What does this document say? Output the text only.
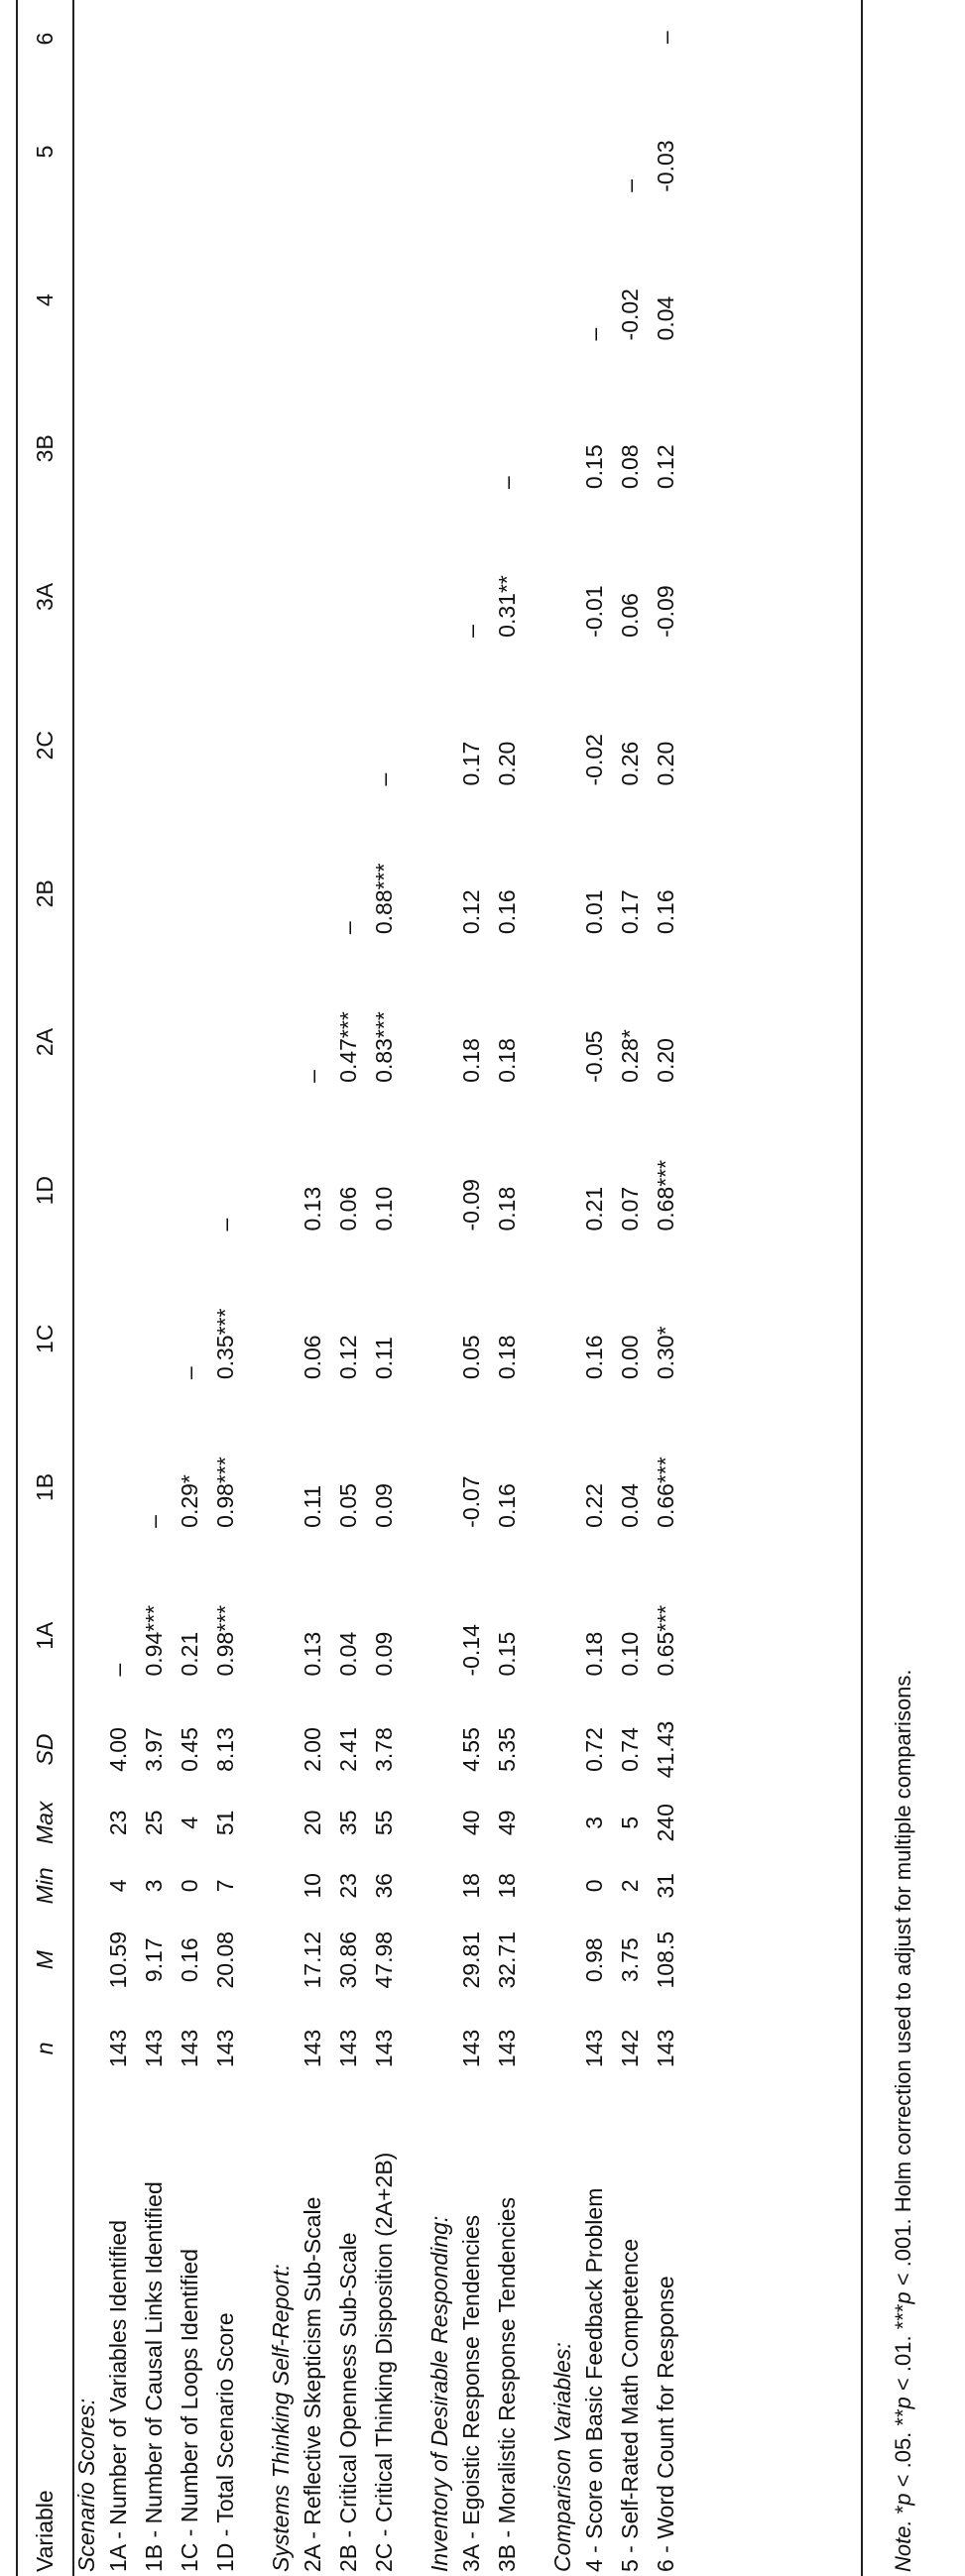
Variable	n	M	Min	Max	SD	1A	1B	1C	1D	2A	2B	2C	3A	3B	4	5	6
Scenario Scores:																	
1A - Number of Variables Identified	143	10.59	4	23	4.00	–											
1B - Number of Causal Links Identified	143	9.17	3	25	3.97	0.94***	–										
1C - Number of Loops Identified	143	0.16	0	4	0.45	0.21	0.29*	–									
1D - Total Scenario Score	143	20.08	7	51	8.13	0.98***	0.98***	0.35***	–								

Systems Thinking Self-Report:																	
2A - Reflective Skepticism Sub-Scale	143	17.12	10	20	2.00	0.13	0.11	0.06	0.13	–							
2B - Critical Openness Sub-Scale	143	30.86	23	35	2.41	0.04	0.05	0.12	0.06	0.47***	–						
2C - Critical Thinking Disposition (2A+2B)	143	47.98	36	55	3.78	0.09	0.09	0.11	0.10	0.83***	0.88***	–					

Inventory of Desirable Responding:																	
3A - Egoistic Response Tendencies	143	29.81	18	40	4.55	-0.14	-0.07	0.05	-0.09	0.18	0.12	0.17	–				
3B - Moralistic Response Tendencies	143	32.71	18	49	5.35	0.15	0.16	0.18	0.18	0.18	0.16	0.20	0.31**	–			

Comparison Variables:																	
4 - Score on Basic Feedback Problem	143	0.98	0	3	0.72	0.18	0.22	0.16	0.21	-0.05	0.01	-0.02	-0.01	0.15	–		
5 - Self-Rated Math Competence	142	3.75	2	5	0.74	0.10	0.04	0.00	0.07	0.28*	0.17	0.26	0.06	0.08	-0.02	–	
6 - Word Count for Response	143	108.5	31	240	41.43	0.65***	0.66***	0.30*	0.68***	0.20	0.16	0.20	-0.09	0.12	0.04	-0.03	–
Note. *p < .05. **p < .01. ***p < .001. Holm correction used to adjust for multiple comparisons.
